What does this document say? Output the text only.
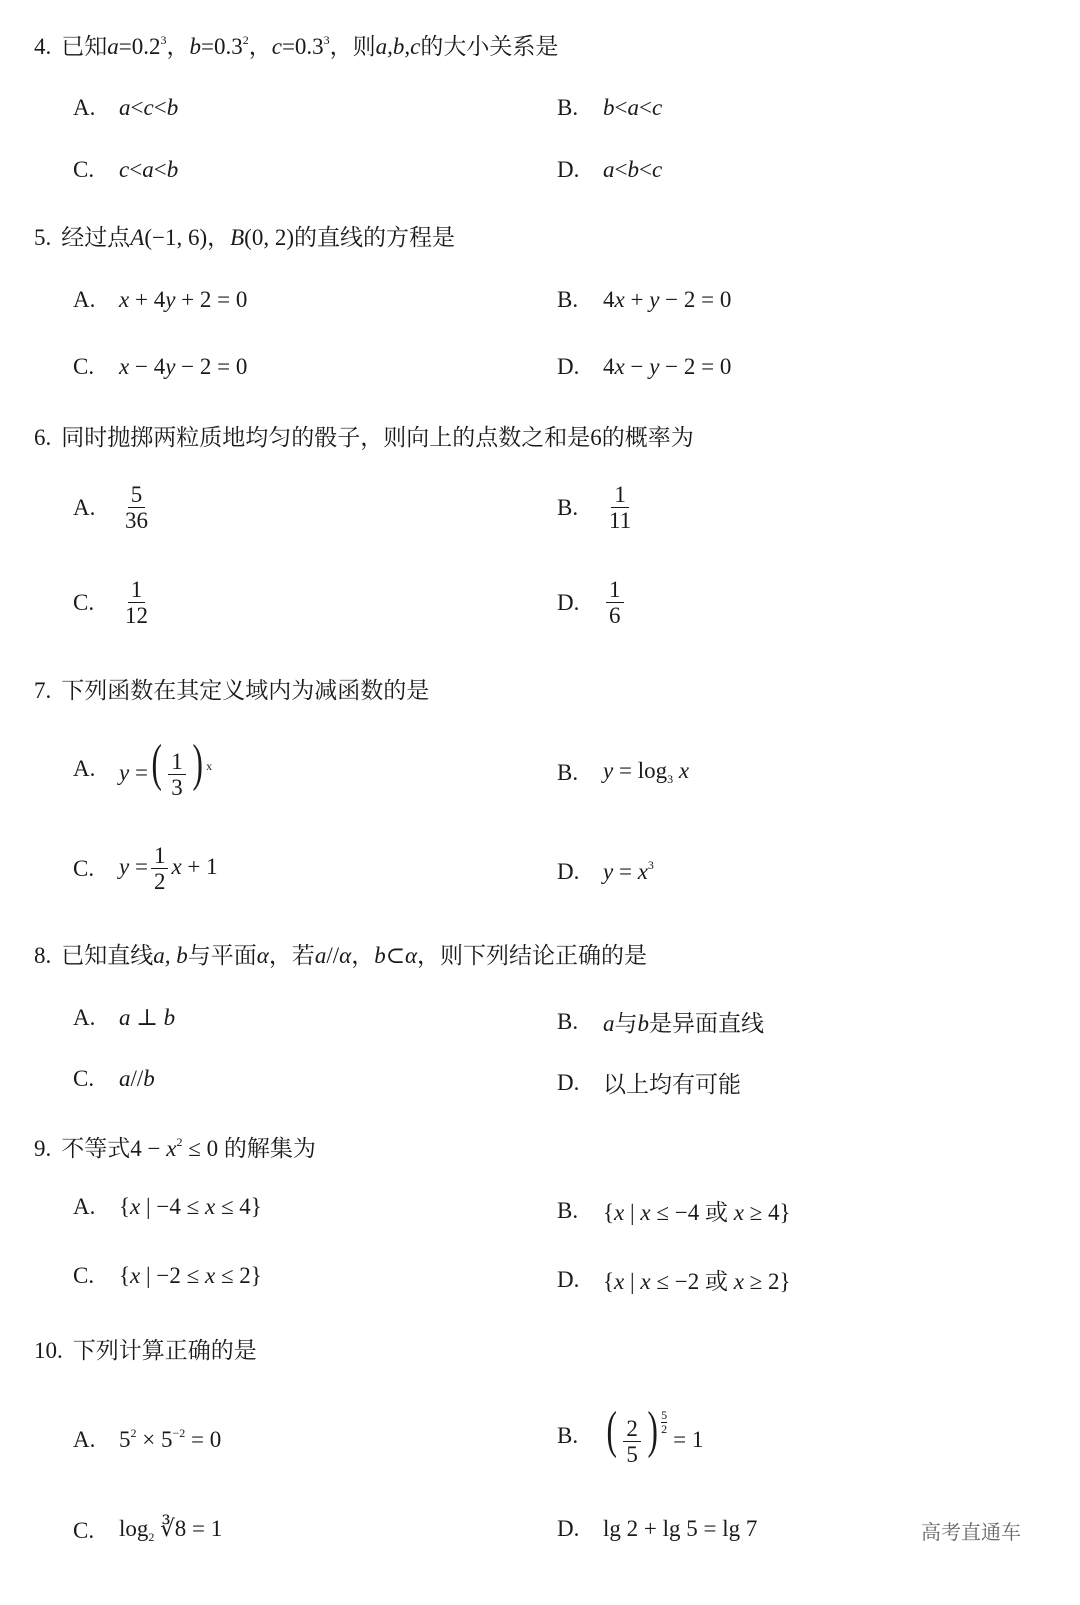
4. 已知$a=0.2^3$，$b=0.3^2$，$c=0.3^3$，则a,b,c的大小关系是
A.	a<c<b	B.	b<a<c
C.	c<a<b	D.	a<b<c
5. 经过点A(−1, 6)，B(0, 2)的直线的方程是
A.	x + 4y + 2 = 0	B.	4x + y − 2 = 0
C.	x − 4y − 2 = 0	D.	4x − y − 2 = 0
6. 同时抛掷两粒质地均匀的骰子，则向上的点数之和是6的概率为
A.	$\frac{5}{36}$	B.	$\frac{1}{11}$
C.	$\frac{1}{12}$	D.	$\frac{1}{6}$
7. 下列函数在其定义域内为减函数的是
A.	y =( $\frac{1}{3}$ ) $^x$	B.	$y = \log_3 x$
C.	$y = \frac{1}{2}$ x + 1	D.	$y = x^3$
8. 已知直线a, b与平面α，若a//α，b⊂α，则下列结论正确的是
A.	a ⊥ b	B.	a与b是异面直线
C.	a//b	D.	以上均有可能
9. 不等式$4 - x^2 \le 0$ 的解集为
A.	{x | −4 ≤ x ≤ 4}	B.	{x | x ≤ −4 或 x ≥ 4}
C.	{x | −2 ≤ x ≤ 2}	D.	{x | x ≤ −2 或 x ≥ 2}
10. 下列计算正确的是
A.	$5^2 \times 5^{-2} = 0$	B. ( $\frac{2}{5}$ ) $\frac{5}{2}$
= 1
C.	$\log_2$ ∛8 = 1	D.	lg 2 + lg 5 = lg 7	高考直通车
